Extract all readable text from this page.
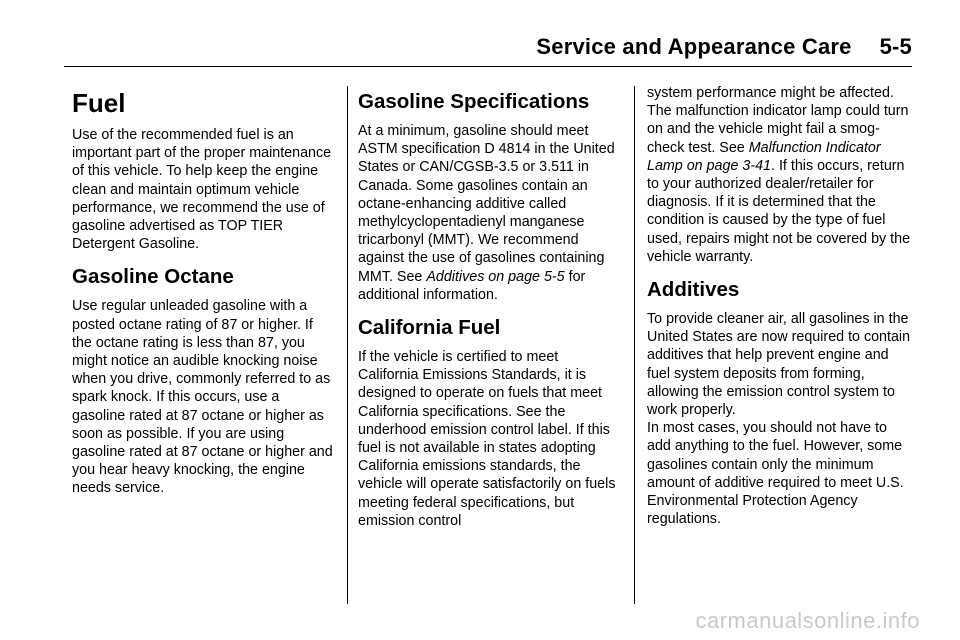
Service and Appearance Care 5-5
Fuel

Use of the recommended fuel is an important part of the proper maintenance of this vehicle. To help keep the engine clean and maintain optimum vehicle performance, we recommend the use of gasoline advertised as TOP TIER Detergent Gasoline.

Gasoline Octane

Use regular unleaded gasoline with a posted octane rating of 87 or higher. If the octane rating is less than 87, you might notice an audible knocking noise when you drive, commonly referred to as spark knock. If this occurs, use a gasoline rated at 87 octane or higher as soon as possible. If you are using gasoline rated at 87 octane or higher and you hear heavy knocking, the engine needs service.

Gasoline Specifications

At a minimum, gasoline should meet ASTM specification D 4814 in the United States or CAN/CGSB-3.5 or 3.511 in Canada. Some gasolines contain an octane-enhancing additive called methylcyclopentadienyl manganese tricarbonyl (MMT). We recommend against the use of gasolines containing MMT. See Additives on page 5-5 for additional information.

California Fuel

If the vehicle is certified to meet California Emissions Standards, it is designed to operate on fuels that meet California specifications. See the underhood emission control label. If this fuel is not available in states adopting California emissions standards, the vehicle will operate satisfactorily on fuels meeting federal specifications, but emission control

system performance might be affected. The malfunction indicator lamp could turn on and the vehicle might fail a smog-check test. See Malfunction Indicator Lamp on page 3-41. If this occurs, return to your authorized dealer/retailer for diagnosis. If it is determined that the condition is caused by the type of fuel used, repairs might not be covered by the vehicle warranty.

Additives

To provide cleaner air, all gasolines in the United States are now required to contain additives that help prevent engine and fuel system deposits from forming, allowing the emission control system to work properly.

In most cases, you should not have to add anything to the fuel. However, some gasolines contain only the minimum amount of additive required to meet U.S. Environmental Protection Agency regulations.

carmanualsonline.info
